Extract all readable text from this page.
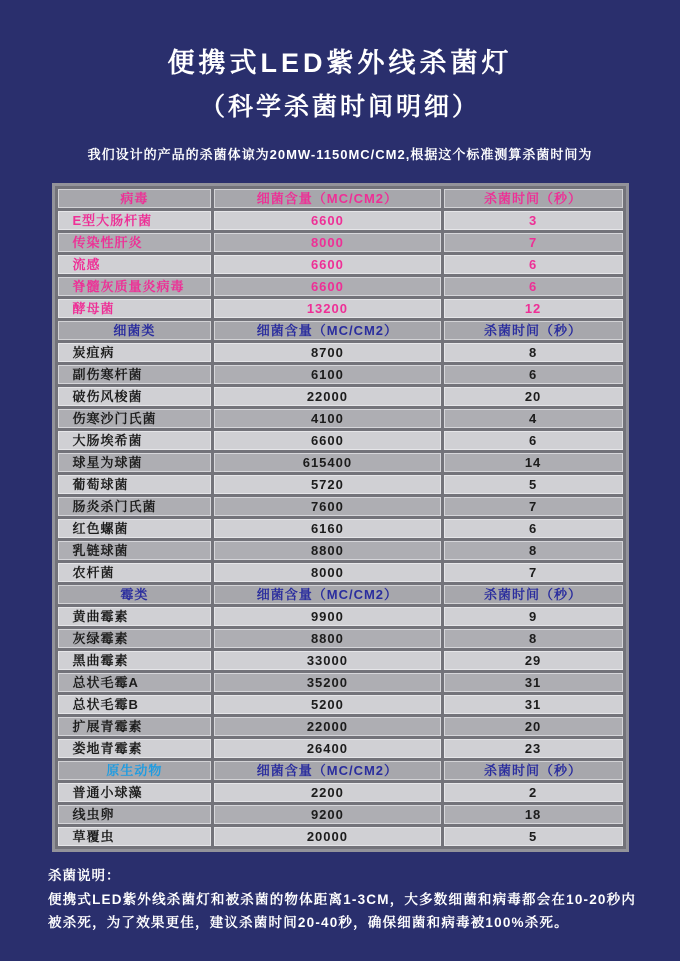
便携式LED紫外线杀菌灯
（科学杀菌时间明细）

我们设计的产品的杀菌体谅为20MW-1150MC/CM2,根据这个标准测算杀菌时间为

病毒	细菌含量（MC/CM2）	杀菌时间（秒）
E型大肠杆菌	6600	3
传染性肝炎	8000	7
流感	6600	6
脊髓灰质量炎病毒	6600	6
酵母菌	13200	12
细菌类	细菌含量（MC/CM2）	杀菌时间（秒）
炭疽病	8700	8
副伤寒杆菌	6100	6
破伤风梭菌	22000	20
伤寒沙门氏菌	4100	4
大肠埃希菌	6600	6
球星为球菌	615400	14
葡萄球菌	5720	5
肠炎杀门氏菌	7600	7
红色螺菌	6160	6
乳链球菌	8800	8
农杆菌	8000	7
霉类	细菌含量（MC/CM2）	杀菌时间（秒）
黄曲霉素	9900	9
灰绿霉素	8800	8
黑曲霉素	33000	29
总状毛霉A	35200	31
总状毛霉B	5200	31
扩展青霉素	22000	20
娄地青霉素	26400	23
原生动物	细菌含量（MC/CM2）	杀菌时间（秒）
普通小球藻	2200	2
线虫卵	9200	18
草覆虫	20000	5

杀菌说明：

便携式LED紫外线杀菌灯和被杀菌的物体距离1-3CM，大多数细菌和病毒都会在10-20秒内被杀死，为了效果更佳，建议杀菌时间20-40秒，确保细菌和病毒被100%杀死。
